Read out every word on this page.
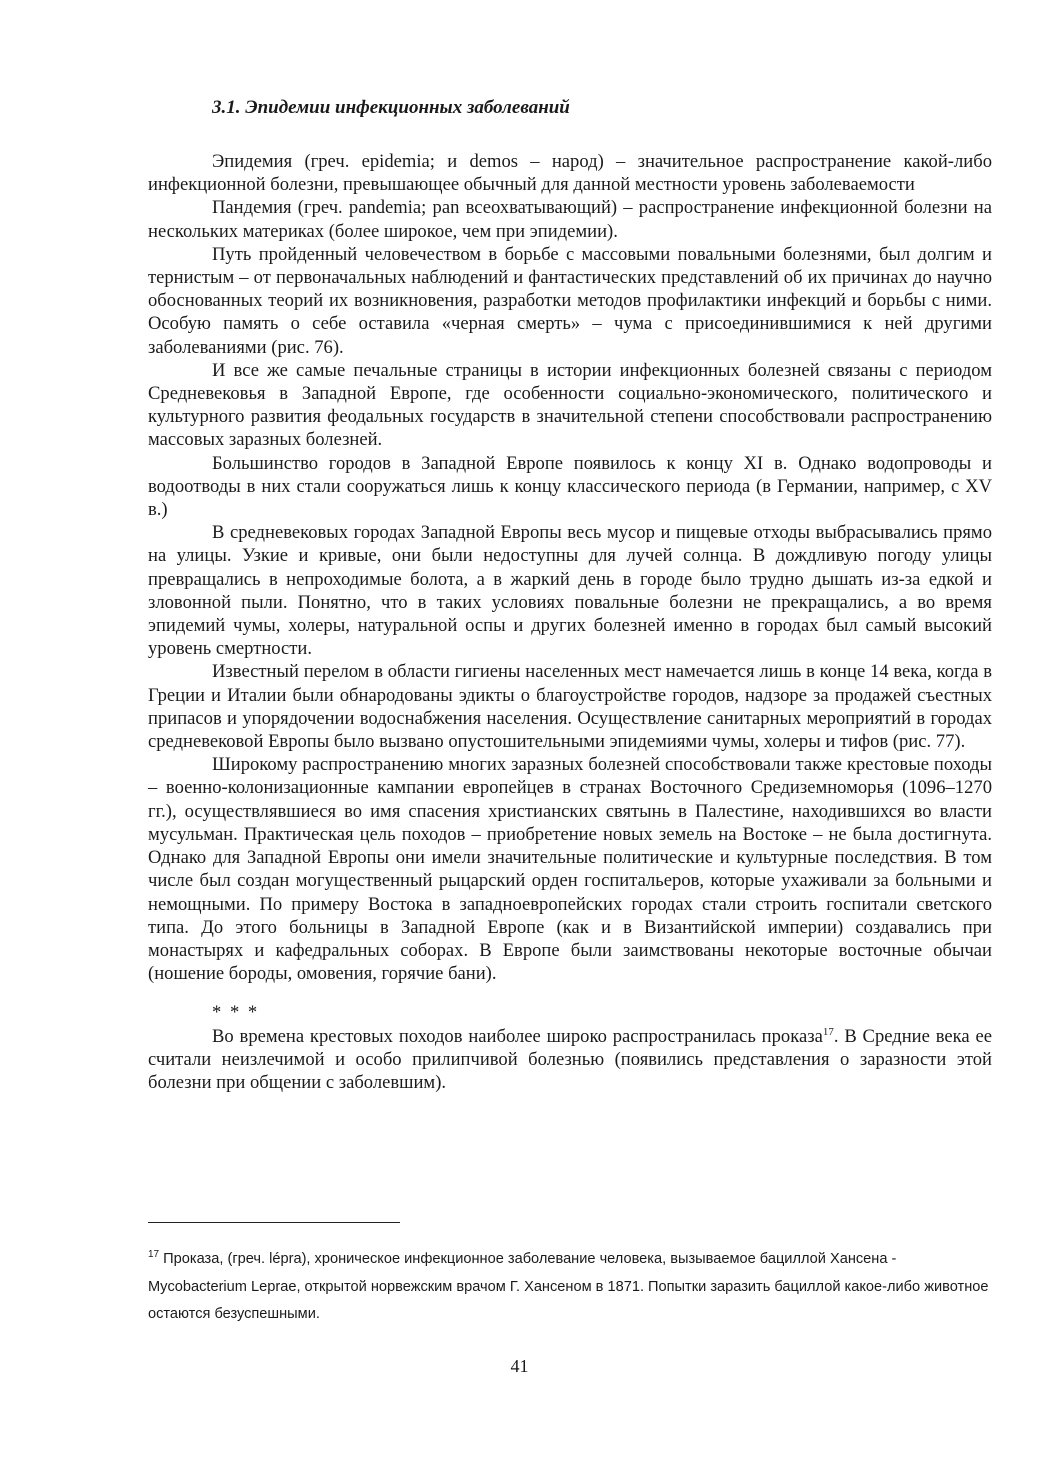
3.1. Эпидемии инфекционных заболеваний

Эпидемия (греч. epidemia; и demos – народ) – значительное распространение какой-либо инфекционной болезни, превышающее обычный для данной местности уровень заболеваемости

Пандемия (греч. pandemia; pan всеохватывающий) – распространение инфекционной болезни на нескольких материках (более широкое, чем при эпидемии).

Путь пройденный человечеством в борьбе с массовыми повальными болезнями, был долгим и тернистым – от первоначальных наблюдений и фантастических представлений об их причинах до научно обоснованных теорий их возникновения, разработки методов профилактики инфекций и борьбы с ними. Особую память о себе оставила «черная смерть» – чума с присоединившимися к ней другими заболеваниями (рис. 76).

И все же самые печальные страницы в истории инфекционных болезней связаны с периодом Средневековья в Западной Европе, где особенности социально-экономического, политического и культурного развития феодальных государств в значительной степени способствовали распространению массовых заразных болезней.

Большинство городов в Западной Европе появилось к концу XI в. Однако водопроводы и водоотводы в них стали сооружаться лишь к концу классического периода (в Германии, например, с XV в.)

В средневековых городах Западной Европы весь мусор и пищевые отходы выбрасывались прямо на улицы. Узкие и кривые, они были недоступны для лучей солнца. В дождливую погоду улицы превращались в непроходимые болота, а в жаркий день в городе было трудно дышать из-за едкой и зловонной пыли. Понятно, что в таких условиях повальные болезни не прекращались, а во время эпидемий чумы, холеры, натуральной оспы и других болезней именно в городах был самый высокий уровень смертности.

Известный перелом в области гигиены населенных мест намечается лишь в конце 14 века, когда в Греции и Италии были обнародованы эдикты о благоустройстве городов, надзоре за продажей съестных припасов и упорядочении водоснабжения населения. Осуществление санитарных мероприятий в городах средневековой Европы было вызвано опустошительными эпидемиями чумы, холеры и тифов (рис. 77).

Широкому распространению многих заразных болезней способствовали также крестовые походы – военно-колонизационные кампании европейцев в странах Восточного Средиземноморья (1096–1270 гг.), осуществлявшиеся во имя спасения христианских святынь в Палестине, находившихся во власти мусульман. Практическая цель походов – приобретение новых земель на Востоке – не была достигнута. Однако для Западной Европы они имели значительные политические и культурные последствия. В том числе был создан могущественный рыцарский орден госпитальеров, которые ухаживали за больными и немощными. По примеру Востока в западноевропейских городах стали строить госпитали светского типа. До этого больницы в Западной Европе (как и в Византийской империи) создавались при монастырях и кафедральных соборах. В Европе были заимствованы некоторые восточные обычаи (ношение бороды, омовения, горячие бани).

* * *

Во времена крестовых походов наиболее широко распространилась проказа$^{17}$. В Средние века ее считали неизлечимой и особо прилипчивой болезнью (появились представления о заразности этой болезни при общении с заболевшим).

$^{17}$ Проказа, (греч. lépra), хроническое инфекционное заболевание человека, вызываемое бациллой Хансена - Mycobacterium Leprae, открытой норвежским врачом Г. Хансеном в 1871. Попытки заразить бациллой какое-либо животное остаются безуспешными.
41
